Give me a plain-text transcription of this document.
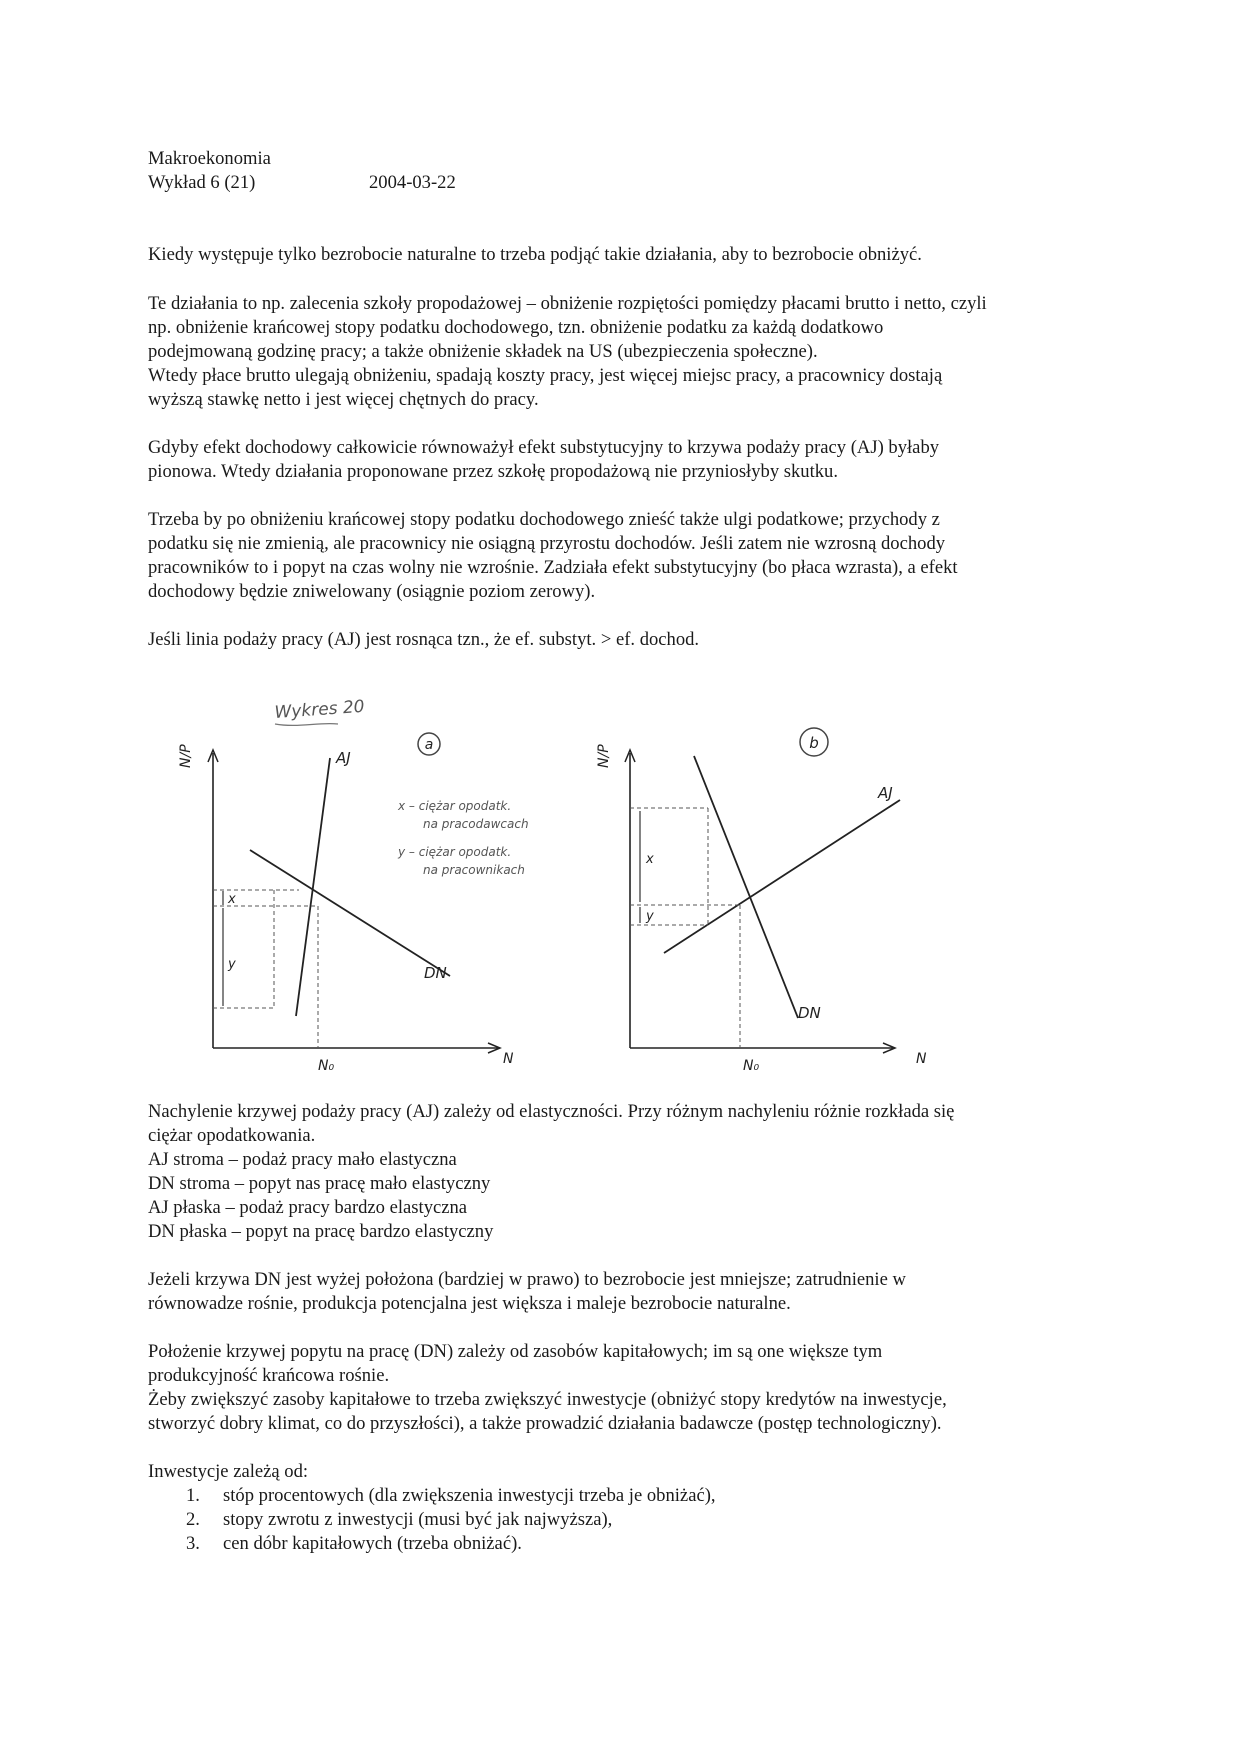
Makroekonomia
Wykład 6 (21)	2004-03-22
Kiedy występuje tylko bezrobocie naturalne to trzeba podjąć takie działania, aby to bezrobocie obniżyć.
Te działania to np. zalecenia szkoły propodażowej – obniżenie rozpiętości pomiędzy płacami brutto i netto, czyli
np. obniżenie krańcowej stopy podatku dochodowego, tzn. obniżenie podatku za każdą dodatkowo
podejmowaną godzinę pracy; a także obniżenie składek na US (ubezpieczenia społeczne).
Wtedy płace brutto ulegają obniżeniu, spadają koszty pracy, jest więcej miejsc pracy, a pracownicy dostają
wyższą stawkę netto i jest więcej chętnych do pracy.
Gdyby efekt dochodowy całkowicie równoważył efekt substytucyjny to krzywa podaży pracy (AJ) byłaby
pionowa. Wtedy działania proponowane przez szkołę propodażową nie przyniosłyby skutku.
Trzeba by po obniżeniu krańcowej stopy podatku dochodowego znieść także ulgi podatkowe; przychody z
podatku się nie zmienią, ale pracownicy nie osiągną przyrostu dochodów. Jeśli zatem nie wzrosną dochody
pracowników to i popyt na czas wolny nie wzrośnie. Zadziała efekt substytucyjny (bo płaca wzrasta), a efekt
dochodowy będzie zniwelowany (osiągnie poziom zerowy).
Jeśli linia podaży pracy (AJ) jest rosnąca tzn., że ef. substyt. > ef. dochod.
Wykres 20
a
N/P
N
N₀
AJ
DN
x
y
x – ciężar opodatk.
na pracodawcach
y – ciężar opodatk.
na pracownikach
b
N/P
N
N₀
AJ
DN
x
y
Nachylenie krzywej podaży pracy (AJ) zależy od elastyczności. Przy różnym nachyleniu różnie rozkłada się
ciężar opodatkowania.
AJ stroma – podaż pracy mało elastyczna
DN stroma – popyt nas pracę mało elastyczny
AJ płaska – podaż pracy bardzo elastyczna
DN płaska – popyt na pracę bardzo elastyczny
Jeżeli krzywa DN jest wyżej położona (bardziej w prawo) to bezrobocie jest mniejsze; zatrudnienie w
równowadze rośnie, produkcja potencjalna jest większa i maleje bezrobocie naturalne.
Położenie krzywej popytu na pracę (DN) zależy od zasobów kapitałowych; im są one większe tym
produkcyjność krańcowa rośnie.
Żeby zwiększyć zasoby kapitałowe to trzeba zwiększyć inwestycje (obniżyć stopy kredytów na inwestycje,
stworzyć dobry klimat, co do przyszłości), a także prowadzić działania badawcze (postęp technologiczny).
Inwestycje zależą od:
1. stóp procentowych (dla zwiększenia inwestycji trzeba je obniżać),
2. stopy zwrotu z inwestycji (musi być jak najwyższa),
3. cen dóbr kapitałowych (trzeba obniżać).
